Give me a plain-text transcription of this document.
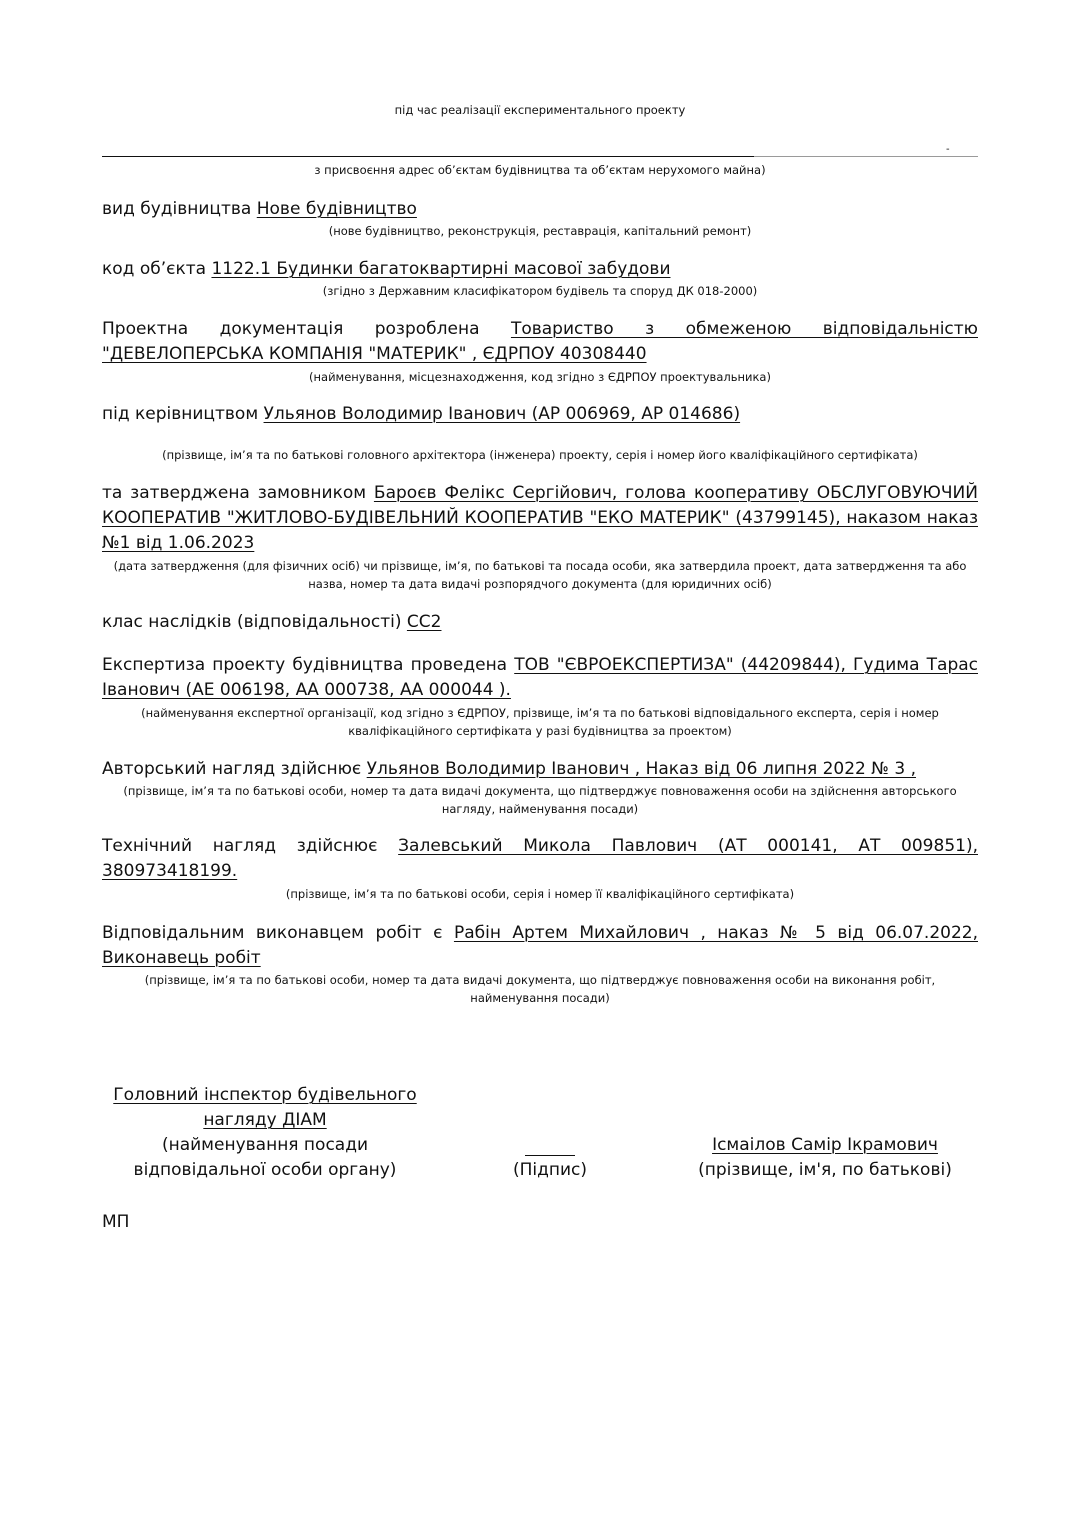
під час реалізації експериментального проекту
-
з присвоєння адрес об’єктам будівництва та об’єктам нерухомого майна)
вид будівництва Нове будівництво
(нове будівництво, реконструкція, реставрація, капітальний ремонт)
код об’єкта 1122.1 Будинки багатоквартирні масової забудови
(згідно з Державним класифікатором будівель та споруд ДК 018-2000)
Проектна документація розроблена Товариство з обмеженою відповідальністю "ДЕВЕЛОПЕРСЬКА КОМПАНІЯ "МАТЕРИК" , ЄДРПОУ 40308440
(найменування, місцезнаходження, код згідно з ЄДРПОУ проектувальника)
під керівництвом Ульянов Володимир Іванович (АР 006969, АР 014686)
(прізвище, ім’я та по батькові головного архітектора (інженера) проекту, серія і номер його кваліфікаційного сертифіката)
та затверджена замовником Бароєв Фелікс Сергійович, голова кооперативу ОБСЛУГОВУЮЧИЙ КООПЕРАТИВ "ЖИТЛОВО-БУДІВЕЛЬНИЙ КООПЕРАТИВ "ЕКО МАТЕРИК" (43799145), наказом наказ №1 від 1.06.2023
(дата затвердження (для фізичних осіб) чи прізвище, ім’я, по батькові та посада особи, яка затвердила проект, дата затвердження та або назва, номер та дата видачі розпорядчого документа (для юридичних осіб)
клас наслідків (відповідальності) СС2
Експертиза проекту будівництва проведена ТОВ "ЄВРОЕКСПЕРТИЗА" (44209844), Гудима Тарас Іванович (АЕ 006198, АА 000738, АА 000044 ).
(найменування експертної організації, код згідно з ЄДРПОУ, прізвище, ім’я та по батькові відповідального експерта, серія і номер кваліфікаційного сертифіката у разі будівництва за проектом)
Авторський нагляд здійснює Ульянов Володимир Іванович , Наказ від 06 липня 2022 № 3 ,
(прізвище, ім’я та по батькові особи, номер та дата видачі документа, що підтверджує повноваження особи на здійснення авторського нагляду, найменування посади)
Технічний нагляд здійснює Залевський Микола Павлович (АТ 000141, АТ 009851), 380973418199.
(прізвище, ім’я та по батькові особи, серія і номер її кваліфікаційного сертифіката)
Відповідальним виконавцем робіт є Рабін Артем Михайлович , наказ № 5 від 06.07.2022, Виконавець робіт
(прізвище, ім’я та по батькові особи, номер та дата видачі документа, що підтверджує повноваження особи на виконання робіт, найменування посади)
Головний інспектор будівельного
нагляду ДІАМ
(найменування посади
відповідальної особи органу)	(Підпис)
Ісмаілов Самір Ікрамович
(прізвище, ім'я, по батькові)
МП
